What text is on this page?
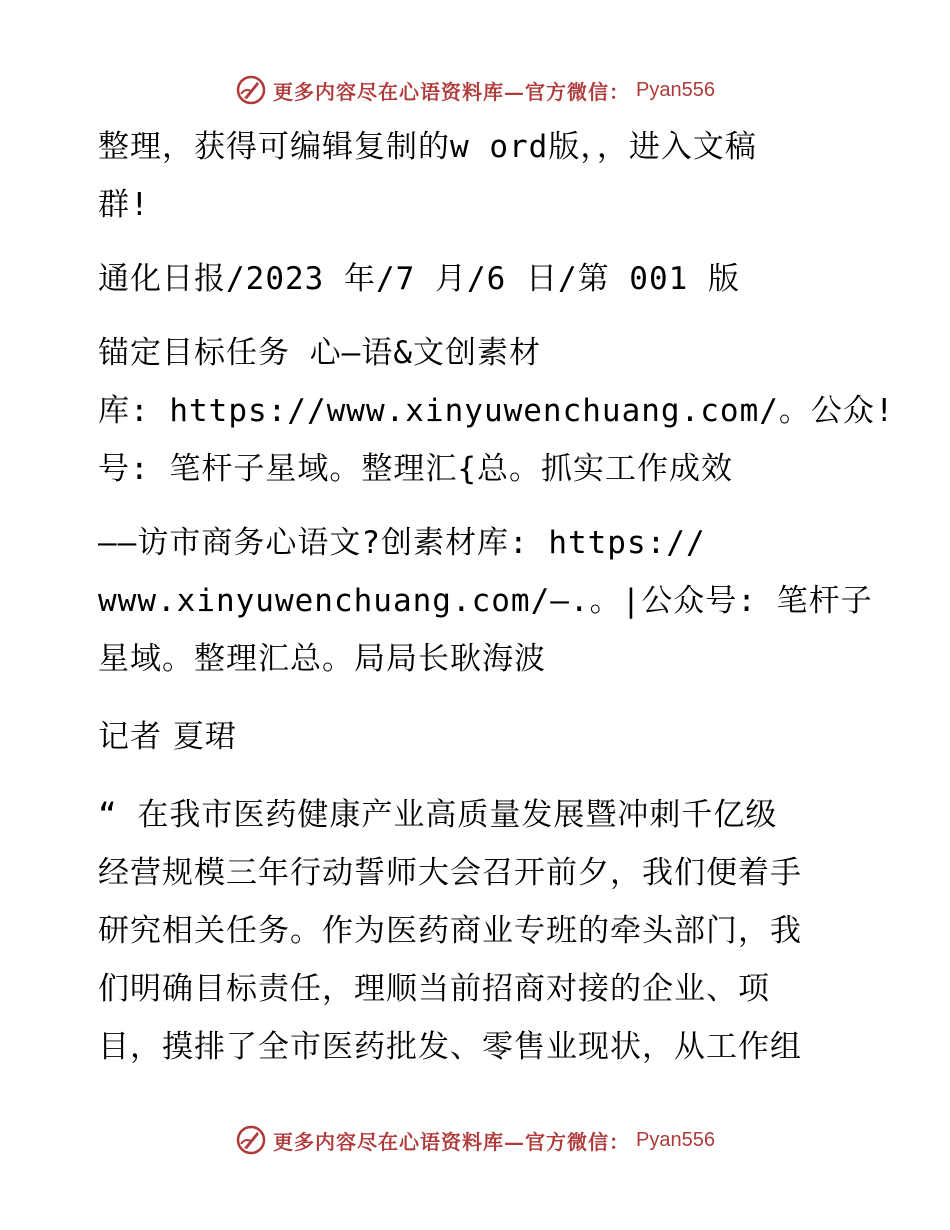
更多内容尽在心语资料库—官方微信： Pyan556
整理，获得可编辑复制的w ord版，，进入文稿
群!
通化日报/2023 年/7 月/6 日/第 001 版
锚定目标任务 心—语&文创素材
库: https://www.xinyuwenchuang.com/。公众!
号: 笔杆子星域。整理汇{总。抓实工作成效
——访市商务心语文?创素材库: https://
www.xinyuwenchuang.com/—.。|公众号: 笔杆子
星域。整理汇总。局局长耿海波
记者 夏珺
“ 在我市医药健康产业高质量发展暨冲刺千亿级
经营规模三年行动誓师大会召开前夕，我们便着手
研究相关任务。作为医药商业专班的牵头部门，我
们明确目标责任，理顺当前招商对接的企业、项
目，摸排了全市医药批发、零售业现状，从工作组
更多内容尽在心语资料库—官方微信： Pyan556
